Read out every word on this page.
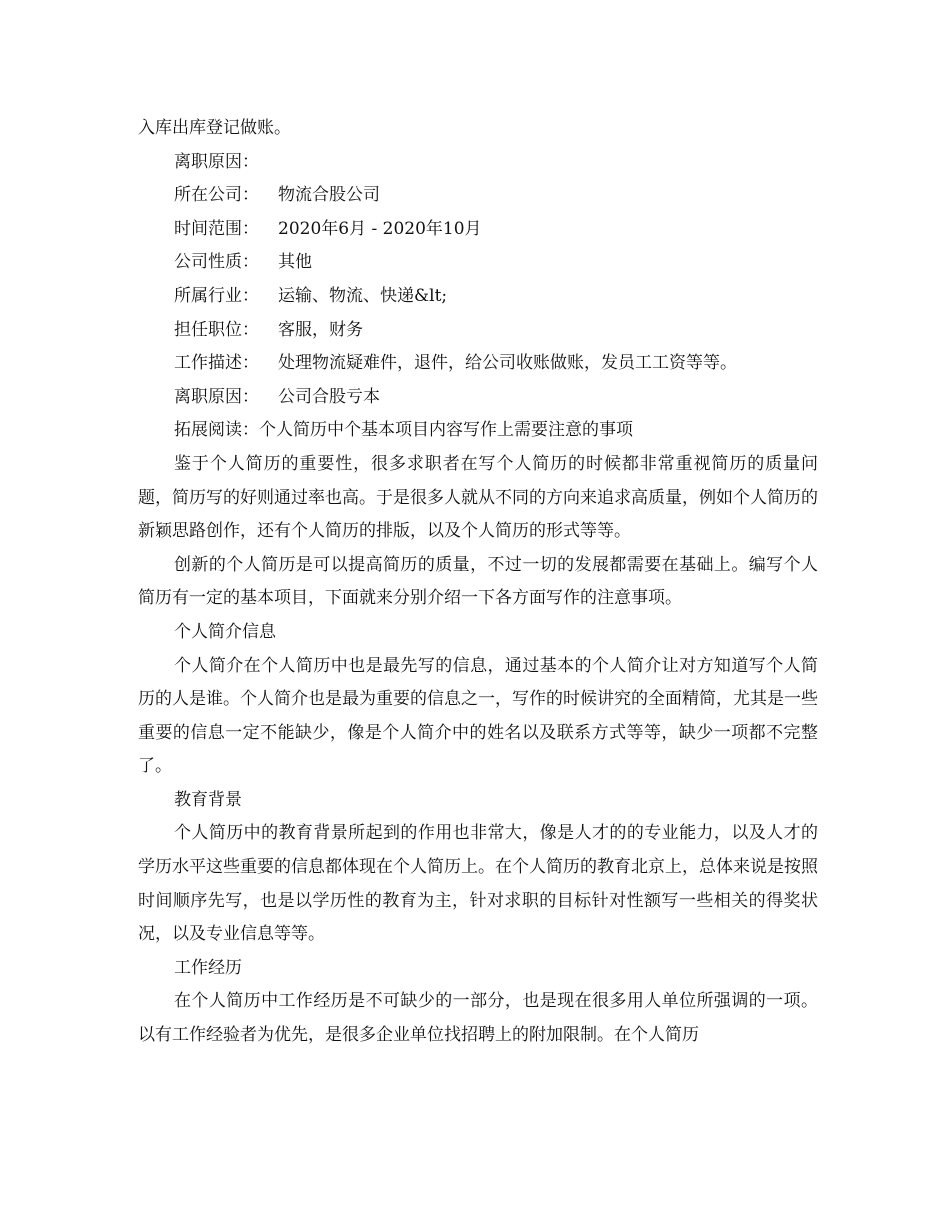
入库出库登记做账。

离职原因：

所在公司： 物流合股公司

时间范围： 2020年6月 - 2020年10月

公司性质： 其他

所属行业： 运输、物流、快递&lt;

担任职位： 客服，财务

工作描述： 处理物流疑难件，退件，给公司收账做账，发员工工资等等。

离职原因： 公司合股亏本

拓展阅读：个人简历中个基本项目内容写作上需要注意的事项

鉴于个人简历的重要性，很多求职者在写个人简历的时候都非常重视简历的质量问题，简历写的好则通过率也高。于是很多人就从不同的方向来追求高质量，例如个人简历的新颖思路创作，还有个人简历的排版，以及个人简历的形式等等。

创新的个人简历是可以提高简历的质量，不过一切的发展都需要在基础上。编写个人简历有一定的基本项目，下面就来分别介绍一下各方面写作的注意事项。

个人简介信息

个人简介在个人简历中也是最先写的信息，通过基本的个人简介让对方知道写个人简历的人是谁。个人简介也是最为重要的信息之一，写作的时候讲究的全面精简，尤其是一些重要的信息一定不能缺少，像是个人简介中的姓名以及联系方式等等，缺少一项都不完整了。

教育背景

个人简历中的教育背景所起到的作用也非常大，像是人才的的专业能力，以及人才的学历水平这些重要的信息都体现在个人简历上。在个人简历的教育北京上，总体来说是按照时间顺序先写，也是以学历性的教育为主，针对求职的目标针对性额写一些相关的得奖状况，以及专业信息等等。

工作经历

在个人简历中工作经历是不可缺少的一部分，也是现在很多用人单位所强调的一项。以有工作经验者为优先，是很多企业单位找招聘上的附加限制。在个人简历
